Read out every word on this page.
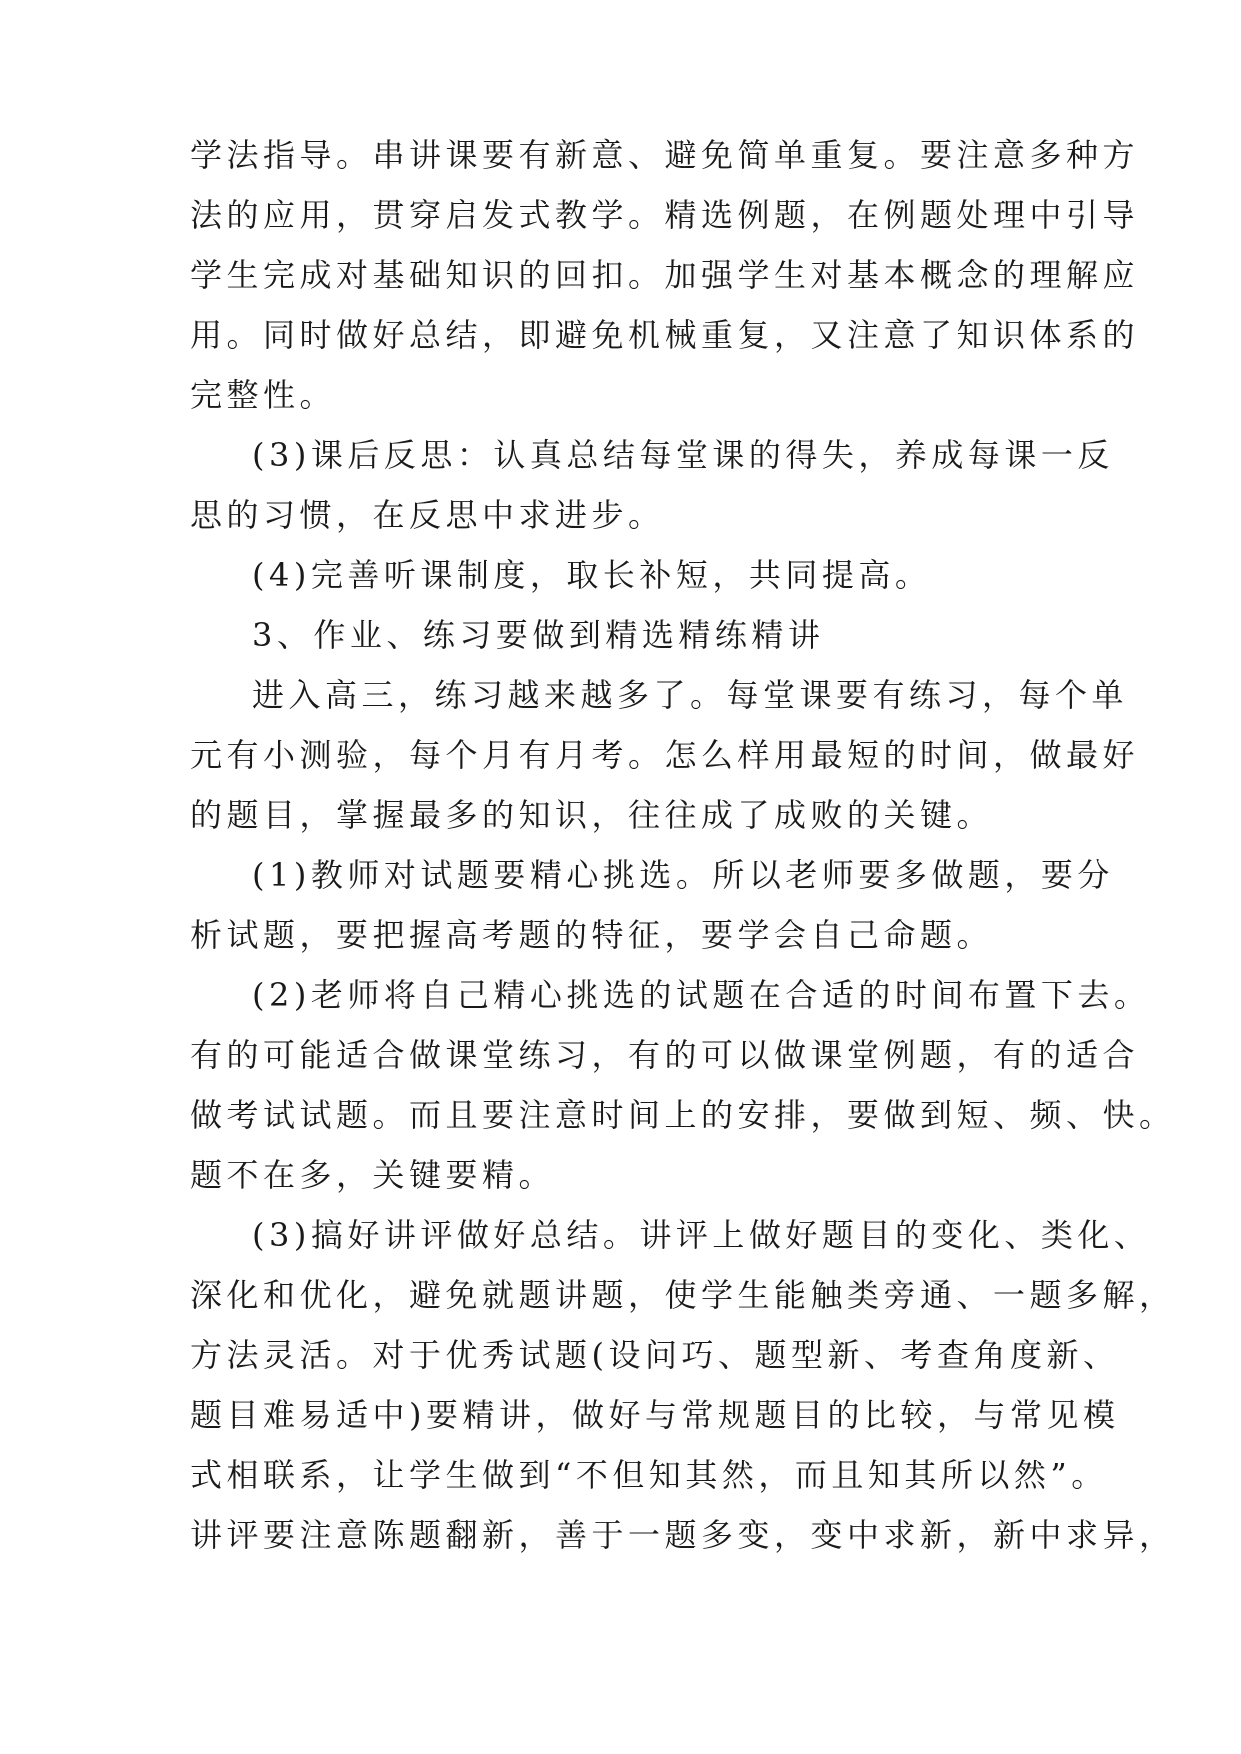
学法指导。串讲课要有新意、避免简单重复。要注意多种方
法的应用，贯穿启发式教学。精选例题，在例题处理中引导
学生完成对基础知识的回扣。加强学生对基本概念的理解应
用。同时做好总结，即避免机械重复，又注意了知识体系的
完整性。
(3)课后反思：认真总结每堂课的得失，养成每课一反
思的习惯，在反思中求进步。
(4)完善听课制度，取长补短，共同提高。
3、作业、练习要做到精选精练精讲
进入高三，练习越来越多了。每堂课要有练习，每个单
元有小测验，每个月有月考。怎么样用最短的时间，做最好
的题目，掌握最多的知识，往往成了成败的关键。
(1)教师对试题要精心挑选。所以老师要多做题，要分
析试题，要把握高考题的特征，要学会自己命题。
(2)老师将自己精心挑选的试题在合适的时间布置下去。
有的可能适合做课堂练习，有的可以做课堂例题，有的适合
做考试试题。而且要注意时间上的安排，要做到短、频、快。
题不在多，关键要精。
(3)搞好讲评做好总结。讲评上做好题目的变化、类化、
深化和优化，避免就题讲题，使学生能触类旁通、一题多解，
方法灵活。对于优秀试题(设问巧、题型新、考查角度新、
题目难易适中)要精讲，做好与常规题目的比较，与常见模
式相联系，让学生做到“不但知其然，而且知其所以然”。
讲评要注意陈题翻新，善于一题多变，变中求新，新中求异，
